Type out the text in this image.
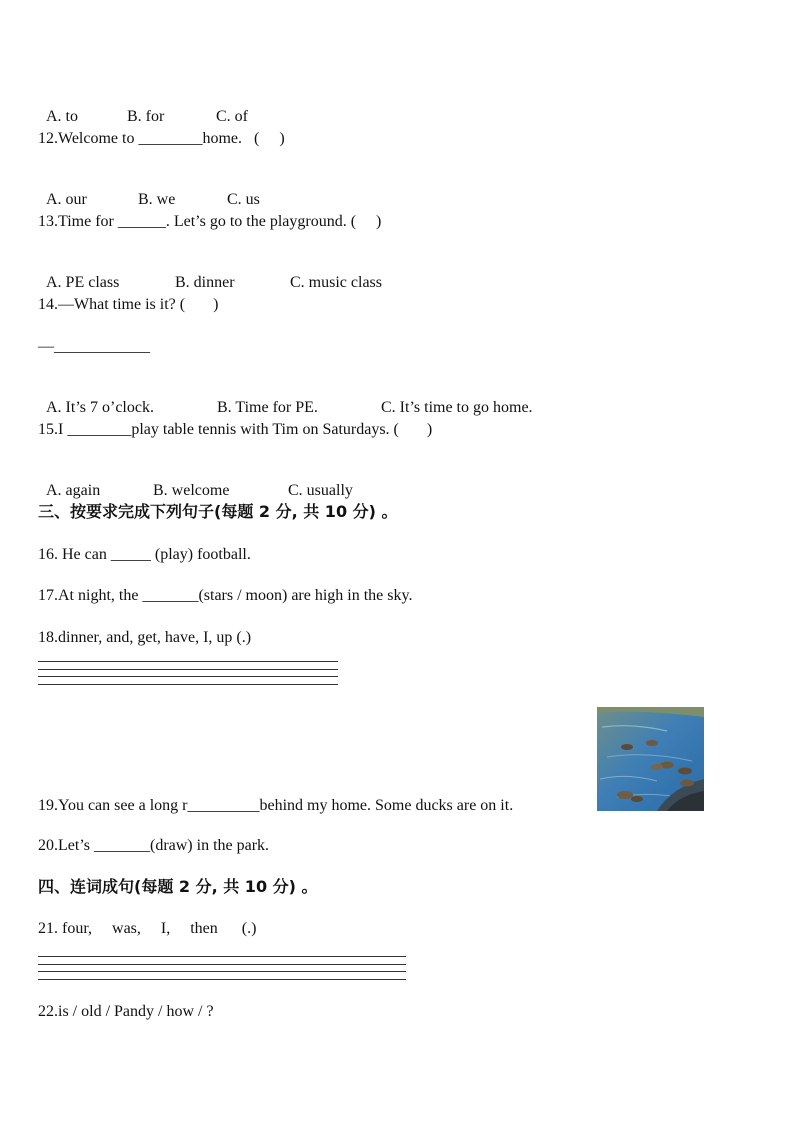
A. to	B. for	C. of

12.Welcome to ________home.   (     )

A. our	B. we	C. us

13.Time for ______. Let’s go to the playground. (     )

A. PE class	B. dinner	C. music class

14.—What time is it? (       )
—____________

A. It’s 7 o’clock.	B. Time for PE.	C. It’s time to go home.

15.I ________play table tennis with Tim on Saturdays. (       )

A. again	B. welcome	C. usually

三、按要求完成下列句子(每题 2 分, 共 10 分) 。
16. He can _____ (play) football.
17.At night, the _______(stars / moon) are high in the sky.
18.dinner, and, get, have, I, up (.)
19.You can see a long r_________behind my home. Some ducks are on it.
20.Let’s _______(draw) in the park.
四、连词成句(每题 2 分, 共 10 分) 。
21. four,     was,     I,     then      (.)
22.is / old / Pandy / how / ?
